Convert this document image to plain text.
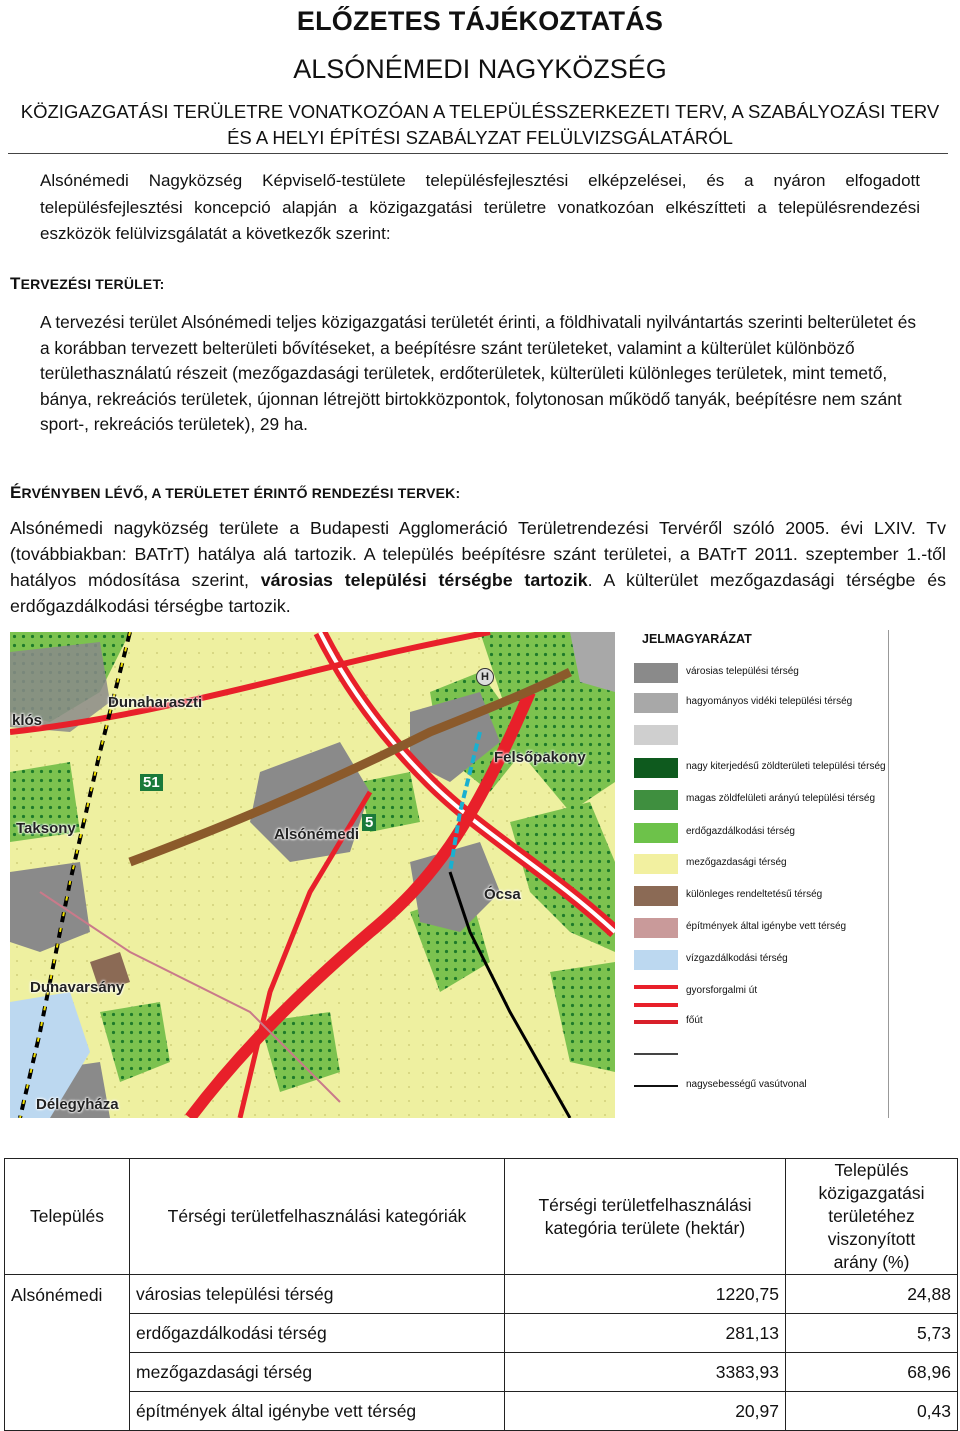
ELŐZETES TÁJÉKOZTATÁS
ALSÓNÉMEDI NAGYKÖZSÉG
KÖZIGAZGATÁSI TERÜLETRE VONATKOZÓAN A TELEPÜLÉSSZERKEZETI TERV, A SZABÁLYOZÁSI TERV ÉS A HELYI ÉPÍTÉSI SZABÁLYZAT FELÜLVIZSGÁLATÁRÓL
Alsónémedi Nagyközség Képviselő-testülete településfejlesztési elképzelései, és a nyáron elfogadott településfejlesztési koncepció alapján a közigazgatási területre vonatkozóan elkészítteti a településrendezési eszközök felülvizsgálatát a következők szerint:
TERVEZÉSI TERÜLET:
A tervezési terület Alsónémedi teljes közigazgatási területét érinti, a földhivatali nyilvántartás szerinti belterületet és a korábban tervezett belterületi bővítéseket, a beépítésre szánt területeket, valamint a külterület különböző területhasználatú részeit (mezőgazdasági területek, erdőterületek, külterületi különleges területek, mint temető, bánya, rekreációs területek, újonnan létrejött birtokközpontok, folytonosan működő tanyák, beépítésre nem szánt sport-, rekreációs területek), 29 ha.
ÉRVÉNYBEN LÉVŐ, A TERÜLETET ÉRINTŐ RENDEZÉSI TERVEK:
Alsónémedi nagyközség területe a Budapesti Agglomeráció Területrendezési Tervéről szóló 2005. évi LXIV. Tv (továbbiakban: BATrT) hatálya alá tartozik. A település beépítésre szánt területei, a BATrT 2011. szeptember 1.-től hatályos módosítása szerint, városias települési térségbe tartozik. A külterület mezőgazdasági térségbe és erdőgazdálkodási térségbe tartozik.
Dunaharaszti
klós
Felsőpakony
Taksony	Alsónémedi
Ócsa
Dunavarsány
Délegyháza
51
5
H
JELMAGYARÁZAT
városias települési térség
hagyományos vidéki települési térség
nagy kiterjedésű zöldterületi települési térség
magas zöldfelületi arányú települési térség
erdőgazdálkodási térség
mezőgazdasági térség
különleges rendeltetésű térség
építmények által igénybe vett térség
vízgazdálkodási térség
gyorsforgalmi út
főút
nagysebességű vasútvonal
Település	Térségi területfelhasználási kategóriák	Térségi területfelhasználási kategória területe (hektár)	Település közigazgatási területéhez viszonyított arány (%)
Alsónémedi	városias települési térség	1220,75	24,88
	erdőgazdálkodási térség	281,13	5,73
	mezőgazdasági térség	3383,93	68,96
	építmények által igénybe vett térség	20,97	0,43
